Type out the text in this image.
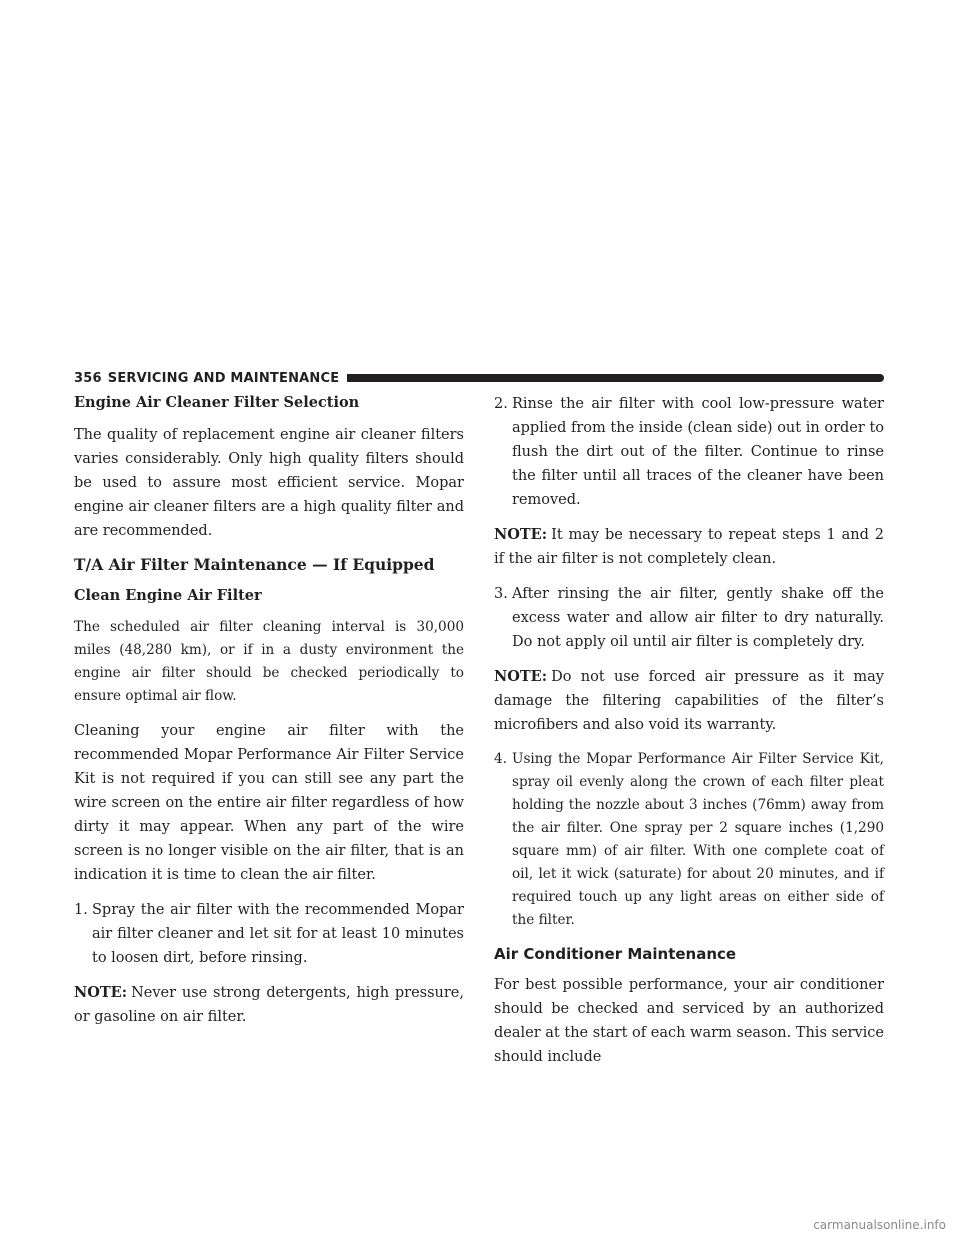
356 SERVICING AND MAINTENANCE
Engine Air Cleaner Filter Selection

The quality of replacement engine air cleaner filters varies considerably. Only high quality filters should be used to assure most efficient service. Mopar engine air cleaner filters are a high quality filter and are recommended.

T/A Air Filter Maintenance — If Equipped
Clean Engine Air Filter

The scheduled air filter cleaning interval is 30,000 miles (48,280 km), or if in a dusty environment the engine air filter should be checked periodically to ensure optimal air flow.

Cleaning your engine air filter with the recommended Mopar Performance Air Filter Service Kit is not required if you can still see any part the wire screen on the entire air filter regardless of how dirty it may appear. When any part of the wire screen is no longer visible on the air filter, that is an indication it is time to clean the air filter.

1. Spray the air filter with the recommended Mopar air filter cleaner and let sit for at least 10 minutes to loosen dirt, before rinsing.

NOTE: Never use strong detergents, high pressure, or gasoline on air filter.

2. Rinse the air filter with cool low-pressure water applied from the inside (clean side) out in order to flush the dirt out of the filter. Continue to rinse the filter until all traces of the cleaner have been removed.

NOTE: It may be necessary to repeat steps 1 and 2 if the air filter is not completely clean.

3. After rinsing the air filter, gently shake off the excess water and allow air filter to dry naturally. Do not apply oil until air filter is completely dry.

NOTE: Do not use forced air pressure as it may damage the filtering capabilities of the filter’s microfibers and also void its warranty.

4. Using the Mopar Performance Air Filter Service Kit, spray oil evenly along the crown of each filter pleat holding the nozzle about 3 inches (76mm) away from the air filter. One spray per 2 square inches (1,290 square mm) of air filter. With one complete coat of oil, let it wick (saturate) for about 20 minutes, and if required touch up any light areas on either side of the filter.
Air Conditioner Maintenance

For best possible performance, your air conditioner should be checked and serviced by an authorized dealer at the start of each warm season. This service should include

carmanualsonline.info
